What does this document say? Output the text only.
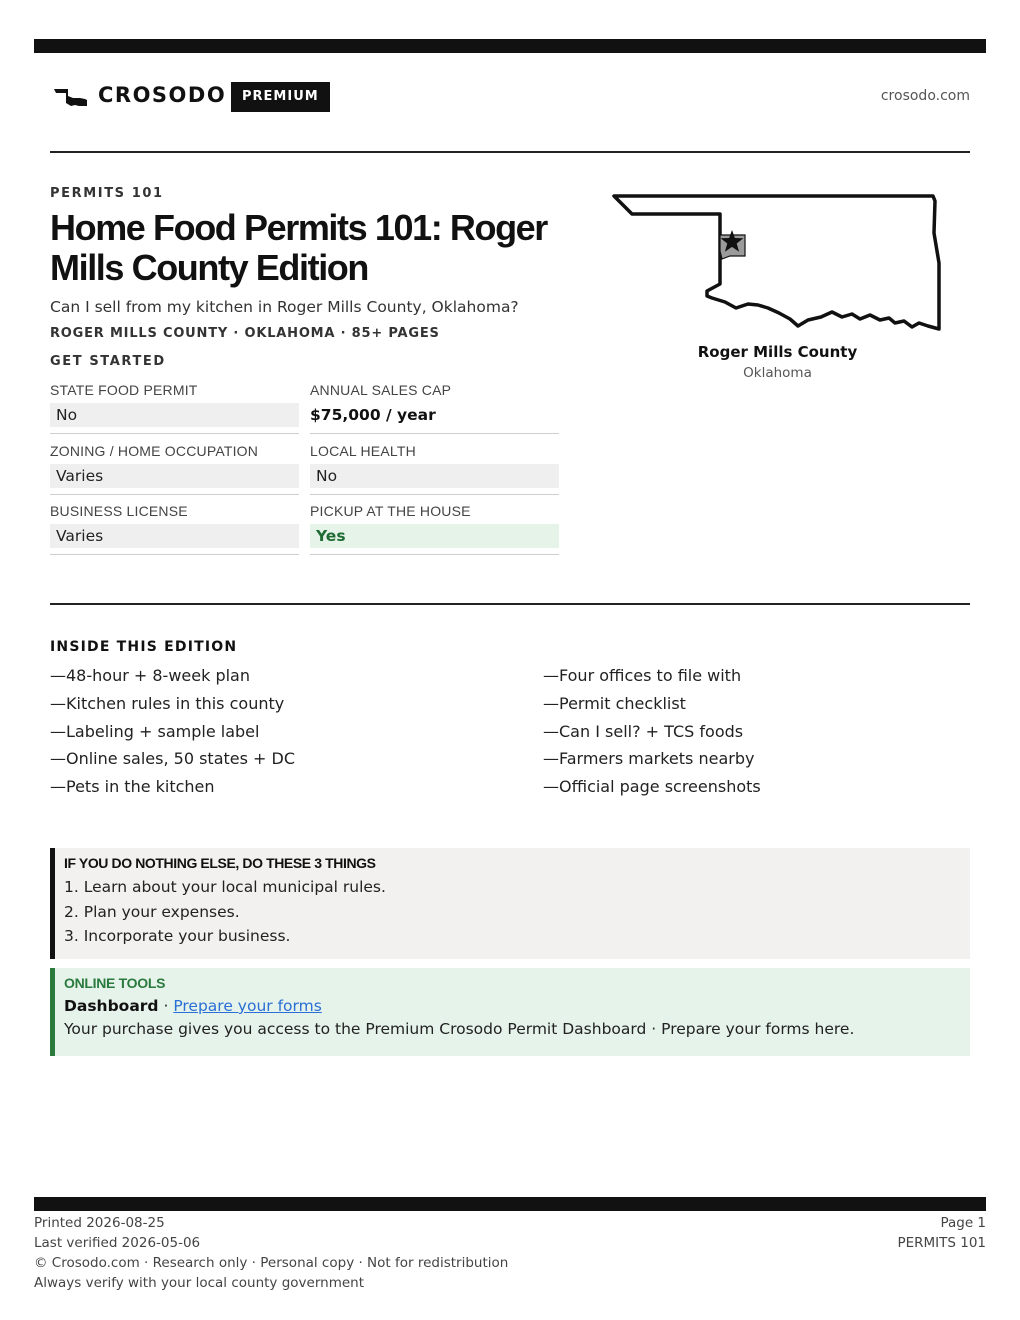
CROSODO	PREMIUM	crosodo.com
PERMITS 101
Home Food Permits 101: Roger Mills County Edition
Can I sell from my kitchen in Roger Mills County, Oklahoma?
ROGER MILLS COUNTY · OKLAHOMA · 85+ PAGES
GET STARTED
STATE FOOD PERMIT
No
ANNUAL SALES CAP
$75,000 / year
ZONING / HOME OCCUPATION
Varies
LOCAL HEALTH
No
BUSINESS LICENSE
Varies
PICKUP AT THE HOUSE
Yes
Roger Mills County
Oklahoma
INSIDE THIS EDITION
—48-hour + 8-week plan
—Kitchen rules in this county
—Labeling + sample label
—Online sales, 50 states + DC
—Pets in the kitchen
—Four offices to file with
—Permit checklist
—Can I sell? + TCS foods
—Farmers markets nearby
—Official page screenshots
IF YOU DO NOTHING ELSE, DO THESE 3 THINGS
1. Learn about your local municipal rules.
2. Plan your expenses.
3. Incorporate your business.
ONLINE TOOLS
Dashboard · Prepare your forms
Your purchase gives you access to the Premium Crosodo Permit Dashboard · Prepare your forms here.
Printed 2026-08-25
Last verified 2026-05-06
© Crosodo.com · Research only · Personal copy · Not for redistribution
Always verify with your local county government
Page 1
PERMITS 101
